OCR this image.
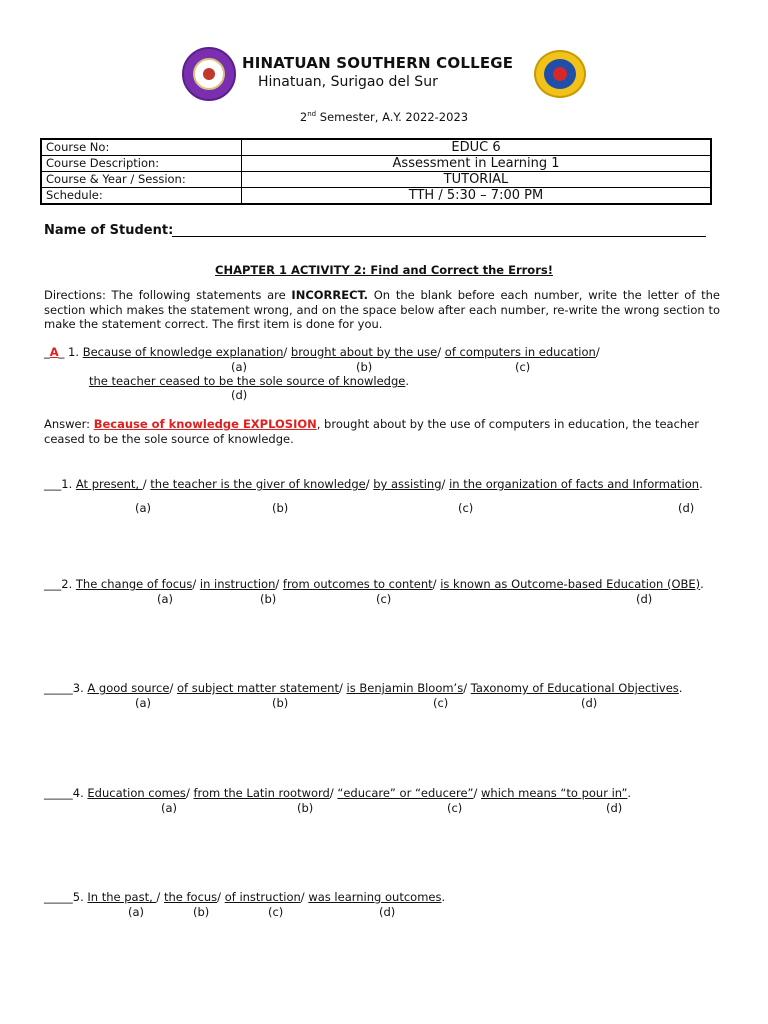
HINATUAN SOUTHERN COLLEGE
Hinatuan, Surigao del Sur
2nd Semester, A.Y. 2022-2023
Course No:	EDUC 6
Course Description:	Assessment in Learning 1
Course & Year / Session:	TUTORIAL
Schedule:	TTH / 5:30 – 7:00 PM
Name of Student:
CHAPTER 1 ACTIVITY 2: Find and Correct the Errors!
Directions: The following statements are INCORRECT. On the blank before each number, write the letter of the section which makes the statement wrong, and on the space below after each number, re-write the wrong section to make the statement correct. The first item is done for you.
_A_ 1. Because of knowledge explanation/ brought about by the use/ of computers in education/
(a)	(b)	(c)
the teacher ceased to be the sole source of knowledge.
(d)
Answer: Because of knowledge EXPLOSION, brought about by the use of computers in education, the teacher ceased to be the sole source of knowledge.
___1. At present, / the teacher is the giver of knowledge/ by assisting/ in the organization of facts and Information.
(a)	(b)	(c)	(d)
___2. The change of focus/ in instruction/ from outcomes to content/ is known as Outcome-based Education (OBE).
(a)	(b)	(c)	(d)
_____3. A good source/ of subject matter statement/ is Benjamin Bloom’s/ Taxonomy of Educational Objectives.
(a)	(b)	(c)	(d)
_____4. Education comes/ from the Latin rootword/ “educare” or “educere”/ which means “to pour in”.
(a)	(b)	(c)	(d)
_____5. In the past, / the focus/ of instruction/ was learning outcomes.
(a)	(b)	(c)	(d)
